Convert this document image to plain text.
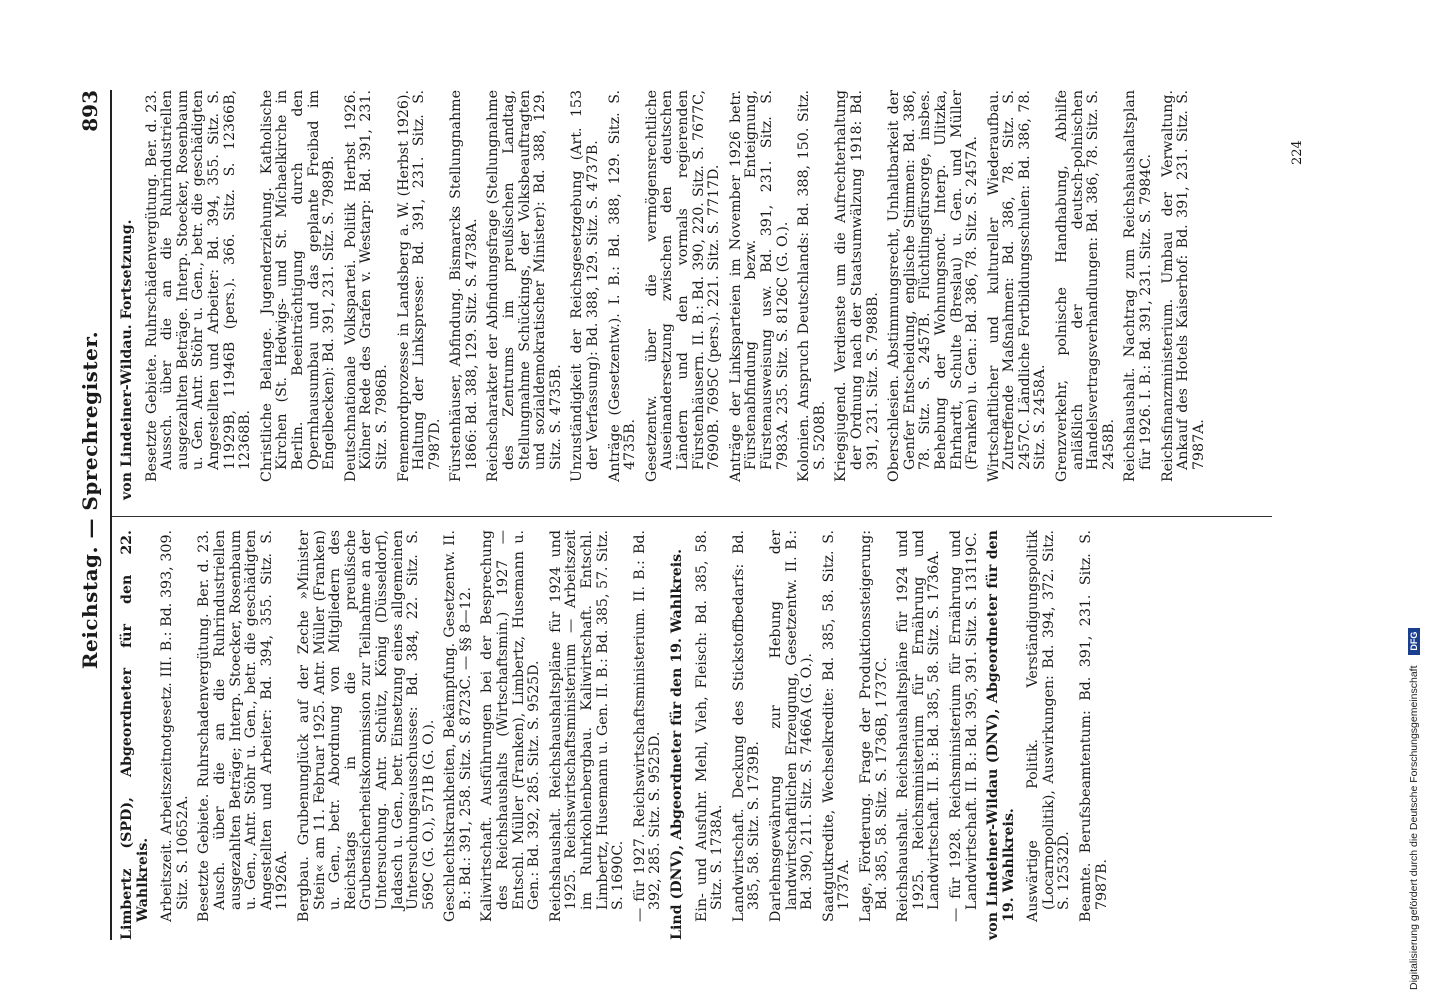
Reichstag. — Sprechregister.
893

Limbertz (SPD), Abgeordneter für den 22. Wahlkreis. Arbeitszeit. Arbeitszeitnotgesetz. III. B.: Bd. 393, 309. Sitz. S. 10652A. Besetzte Gebiete. Ruhrschadenvergütung. Ber. d. 23. Ausch. über die an die Ruhrindustriellen ausgezahlten Beträge; Interp. Stoecker, Rosenbaum u. Gen., Antr. Stöhr u. Gen., betr. die geschädigten Angestellten und Arbeiter: Bd. 394, 355. Sitz. S. 11926A. Bergbau. Grubenunglück auf der Zeche »Minister Stein« am 11. Februar 1925. Antr. Müller (Franken) u. Gen., betr. Abordnung von Mitgliedern des Reichstags in die preußische Grubensicherheitskommission zur Teilnahme an der Untersuchung. Antr. Schütz, König (Düsseldorf), Jadasch u. Gen., betr. Einsetzung eines allgemeinen Untersuchungsausschusses: Bd. 384, 22. Sitz. S. 569C (G. O.), 571B (G. O.). Geschlechtskrankheiten, Bekämpfung. Gesetzentw. II. B.: Bd.: 391, 258. Sitz. S. 8723C. — §§ 8—12. Kaliwirtschaft. Ausführungen bei der Besprechung des Reichshaushalts (Wirtschaftsmin.) 1927 — Entschl. Müller (Franken), Limbertz, Husemann u. Gen.: Bd. 392, 285. Sitz. S. 9525D. Reichshaushalt. Reichshaushaltspläne für 1924 und 1925. Reichswirtschaftsministerium — Arbeitszeit im Ruhrkohlenbergbau. Kaliwirtschaft. Entschl. Limbertz, Husemann u. Gen. II. B.: Bd. 385, 57. Sitz. S. 1690C. — für 1927. Reichswirtschaftsministerium. II. B.: Bd. 392, 285. Sitz. S. 9525D. Lind (DNV), Abgeordneter für den 19. Wahlkreis. Ein- und Ausfuhr. Mehl, Vieh, Fleisch: Bd. 385, 58. Sitz. S. 1738A. Landwirtschaft. Deckung des Stickstoffbedarfs: Bd. 385, 58. Sitz. S. 1739B. Darlehnsgewährung zur Hebung der landwirtschaftlichen Erzeugung, Gesetzentw. II. B.: Bd. 390, 211. Sitz. S. 7466A (G. O.). Saatgutkredite, Wechselkredite: Bd. 385, 58. Sitz. S. 1737A. Lage, Förderung. Frage der Produktionssteigerung: Bd. 385, 58. Sitz. S. 1736B, 1737C. Reichshaushalt. Reichshaushaltspläne für 1924 und 1925. Reichsministerium für Ernährung und Landwirtschaft. II. B.: Bd. 385, 58. Sitz. S. 1736A. — für 1928. Reichsministerium für Ernährung und Landwirtschaft. II. B.: Bd. 395, 391. Sitz. S. 13119C. von Lindeiner-Wildau (DNV), Abgeordneter für den 19. Wahlkreis. Auswärtige Politik. Verständigungspolitik (Locarnopolitik), Auswirkungen: Bd. 394, 372. Sitz. S. 12532D. Beamte. Berufsbeamtentum: Bd. 391, 231. Sitz. S. 7987B.

von Lindeiner-Wildau. Fortsetzung. Besetzte Gebiete. Ruhrschädenvergütung. Ber. d. 23. Aussch. über die an die Ruhrindustriellen ausgezahlten Beträge. Interp. Stoecker, Rosenbaum u. Gen. Antr. Stöhr u. Gen., betr. die geschädigten Angestellten und Arbeiter: Bd. 394, 355. Sitz. S. 11929B, 11946B (pers.). 366. Sitz. S. 12366B, 12368B. Christliche Belange. Jugenderziehung. Katholische Kirchen (St. Hedwigs- und St. Michaelkirche in Berlin. Beeinträchtigung durch den Opernhausumbau und das geplante Freibad im Engelbecken): Bd. 391, 231. Sitz. S. 7989B. Deutschnationale Volkspartei. Politik Herbst 1926. Kölner Rede des Grafen v. Westarp: Bd. 391, 231. Sitz. S. 7986B. Fememordprozesse in Landsberg a. W. (Herbst 1926). Haltung der Linkspresse: Bd. 391, 231. Sitz. S. 7987D. Fürstenhäuser, Abfindung. Bismarcks Stellungnahme 1866: Bd. 388, 129. Sitz. S. 4738A. Reichscharakter der Abfindungsfrage (Stellungnahme des Zentrums im preußischen Landtag, Stellungnahme Schückings, der Volksbeauftragten und sozialdemokratischer Minister): Bd. 388, 129. Sitz. S. 4735B. Unzuständigkeit der Reichsgesetzgebung (Art. 153 der Verfassung): Bd. 388, 129. Sitz. S. 4737B. Anträge (Gesetzentw.). I. B.: Bd. 388, 129. Sitz. S. 4735B. Gesetzentw. über die vermögensrechtliche Auseinandersetzung zwischen den deutschen Ländern und den vormals regierenden Fürstenhäusern. II. B.: Bd. 390, 220. Sitz. S. 7677C, 7690B. 7695C (pers.). 221. Sitz. S. 7717D. Anträge der Linksparteien im November 1926 betr. Fürstenabfindung bezw. Enteignung, Fürstenausweisung usw. Bd. 391, 231. Sitz. S. 7983A. 235. Sitz. S. 8126C (G. O.). Kolonien. Anspruch Deutschlands: Bd. 388, 150. Sitz. S. 5208B. Kriegsjugend. Verdienste um die Aufrechterhaltung der Ordnung nach der Staatsumwälzung 1918: Bd. 391, 231. Sitz. S. 7988B. Oberschlesien. Abstimmungsrecht, Unhaltbarkeit der Genfer Entscheidung, englische Stimmen: Bd. 386, 78. Sitz. S. 2457B. Flüchtlingsfürsorge, insbes. Behebung der Wohnungsnot. Interp. Ulitzka, Ehrhardt, Schulte (Breslau) u. Gen. und Müller (Franken) u. Gen.: Bd. 386, 78. Sitz. S. 2457A. Wirtschaftlicher und kultureller Wiederaufbau. Zutreffende Maßnahmen: Bd. 386, 78. Sitz. S. 2457C. Ländliche Fortbildungsschulen: Bd. 386, 78. Sitz. S. 2458A. Grenzverkehr, polnische Handhabung, Abhilfe anläßlich der deutsch-polnischen Handelsvertragsverhandlungen: Bd. 386, 78. Sitz. S. 2458B. Reichshaushalt. Nachtrag zum Reichshaushaltsplan für 1926. I. B.: Bd. 391, 231. Sitz. S. 7984C. Reichsfinanzministerium. Umbau der Verwaltung. Ankauf des Hotels Kaiserhof: Bd. 391, 231. Sitz. S. 7987A.

224
Digitalisierung gefördert durch die Deutsche Forschungsgemeinschaft DFG
